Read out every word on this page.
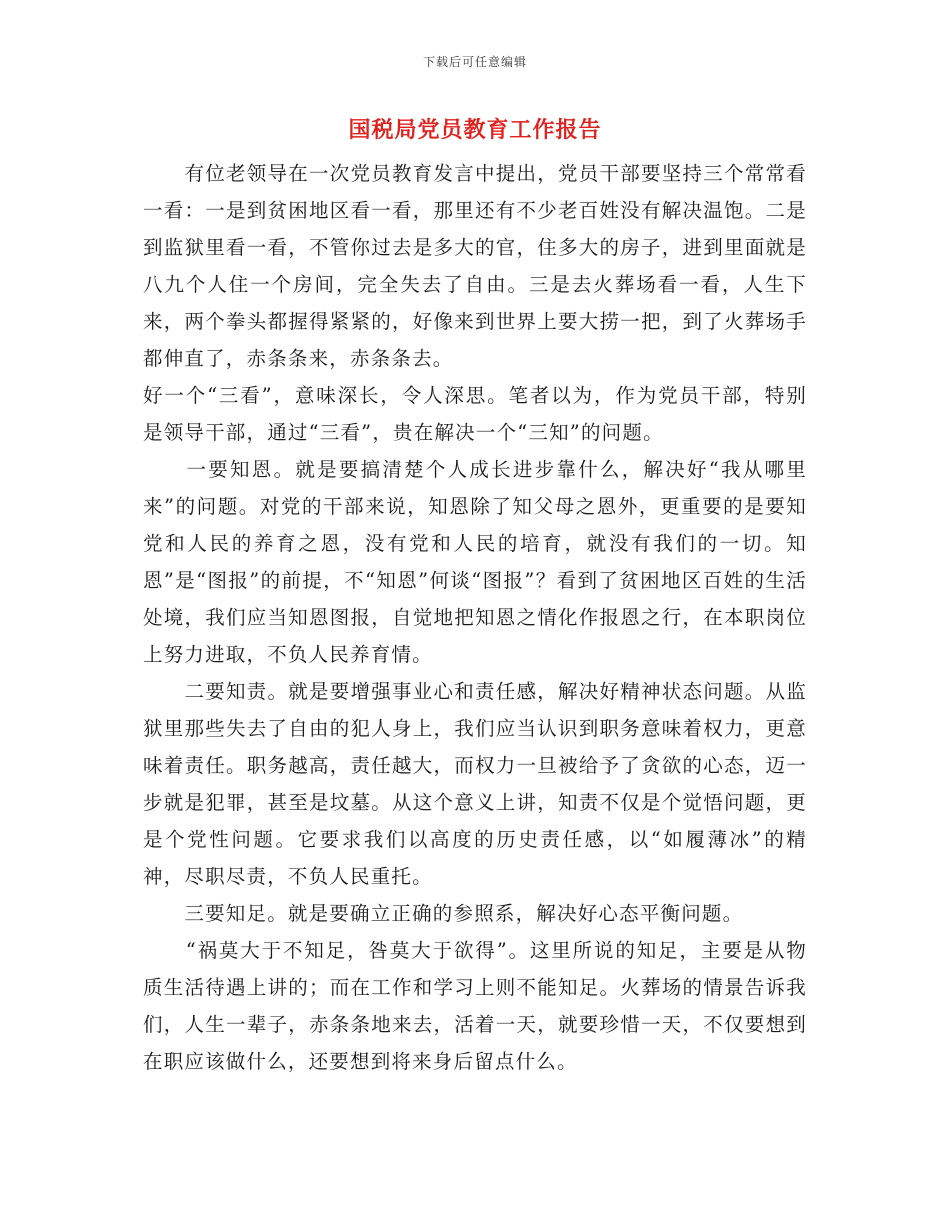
下载后可任意编辑
国税局党员教育工作报告

　　有位老领导在一次党员教育发言中提出，党员干部要坚持三个常常看一看：一是到贫困地区看一看，那里还有不少老百姓没有解决温饱。二是到监狱里看一看，不管你过去是多大的官，住多大的房子，进到里面就是八九个人住一个房间，完全失去了自由。三是去火葬场看一看，人生下来，两个拳头都握得紧紧的，好像来到世界上要大捞一把，到了火葬场手都伸直了，赤条条来，赤条条去。

好一个“三看”，意味深长，令人深思。笔者以为，作为党员干部，特别是领导干部，通过“三看”，贵在解决一个“三知”的问题。

　　一要知恩。就是要搞清楚个人成长进步靠什么，解决好“我从哪里来”的问题。对党的干部来说，知恩除了知父母之恩外，更重要的是要知党和人民的养育之恩，没有党和人民的培育，就没有我们的一切。知恩”是“图报”的前提，不“知恩”何谈“图报”？看到了贫困地区百姓的生活处境，我们应当知恩图报，自觉地把知恩之情化作报恩之行，在本职岗位上努力进取，不负人民养育情。

　　二要知责。就是要增强事业心和责任感，解决好精神状态问题。从监狱里那些失去了自由的犯人身上，我们应当认识到职务意味着权力，更意味着责任。职务越高，责任越大，而权力一旦被给予了贪欲的心态，迈一步就是犯罪，甚至是坟墓。从这个意义上讲，知责不仅是个觉悟问题，更是个党性问题。它要求我们以高度的历史责任感，以“如履薄冰”的精神，尽职尽责，不负人民重托。

　　三要知足。就是要确立正确的参照系，解决好心态平衡问题。

　　“祸莫大于不知足，咎莫大于欲得”。这里所说的知足，主要是从物质生活待遇上讲的；而在工作和学习上则不能知足。火葬场的情景告诉我们，人生一辈子，赤条条地来去，活着一天，就要珍惜一天，不仅要想到在职应该做什么，还要想到将来身后留点什么。
